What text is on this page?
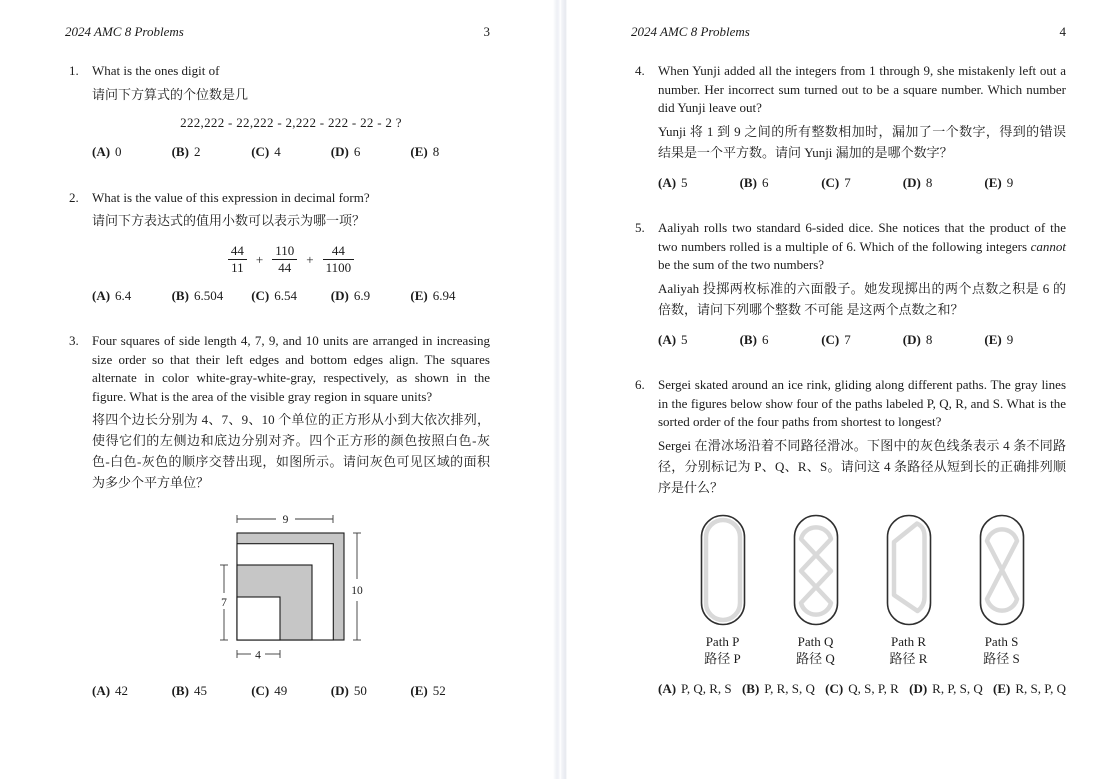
2024 AMC 8 Problems	3
1. What is the ones digit of
请问下方算式的个位数是几
222,222 - 22,222 - 2,222 - 222 - 22 - 2 ?
(A) 0	(B) 2	(C) 4	(D) 6	(E) 8
2. What is the value of this expression in decimal form?
请问下方表达式的值用小数可以表示为哪一项？
$\frac{44}{11} + \frac{110}{44} + \frac{44}{1100}$
(A) 6.4	(B) 6.504	(C) 6.54	(D) 6.9	(E) 6.94
3. Four squares of side length 4, 7, 9, and 10 units are arranged in increasing size order so that their left edges and bottom edges align. The squares alternate in color white-gray-white-gray, respectively, as shown in the figure. What is the area of the visible gray region in square units?
将四个边长分别为 4、7、9、10 个单位的正方形从小到大依次排列，使得它们的左侧边和底边分别对齐。四个正方形的颜色按照白色-灰色-白色-灰色的顺序交替出现，如图所示。请问灰色可见区域的面积为多少个平方单位？
9
10
7
4
(A) 42	(B) 45	(C) 49	(D) 50	(E) 52
2024 AMC 8 Problems	4
4. When Yunji added all the integers from 1 through 9, she mistakenly left out a number. Her incorrect sum turned out to be a square number. Which number did Yunji leave out?
Yunji 将 1 到 9 之间的所有整数相加时，漏加了一个数字，得到的错误结果是一个平方数。请问 Yunji 漏加的是哪个数字？
(A) 5	(B) 6	(C) 7	(D) 8	(E) 9
5. Aaliyah rolls two standard 6-sided dice. She notices that the product of the two numbers rolled is a multiple of 6. Which of the following integers cannot be the sum of the two numbers?
Aaliyah 投掷两枚标准的六面骰子。她发现掷出的两个点数之积是 6 的倍数，请问下列哪个整数 不可能 是这两个点数之和？
(A) 5	(B) 6	(C) 7	(D) 8	(E) 9
6. Sergei skated around an ice rink, gliding along different paths. The gray lines in the figures below show four of the paths labeled P, Q, R, and S. What is the sorted order of the four paths from shortest to longest?
Sergei 在滑冰场沿着不同路径滑冰。下图中的灰色线条表示 4 条不同路径，分别标记为 P、Q、R、S。请问这 4 条路径从短到长的正确排列顺序是什么？
Path P
路径 P
Path Q
路径 Q
Path R
路径 R
Path S
路径 S
(A) P, Q, R, S (B) P, R, S, Q (C) Q, S, P, R (D) R, P, S, Q (E) R, S, P, Q
